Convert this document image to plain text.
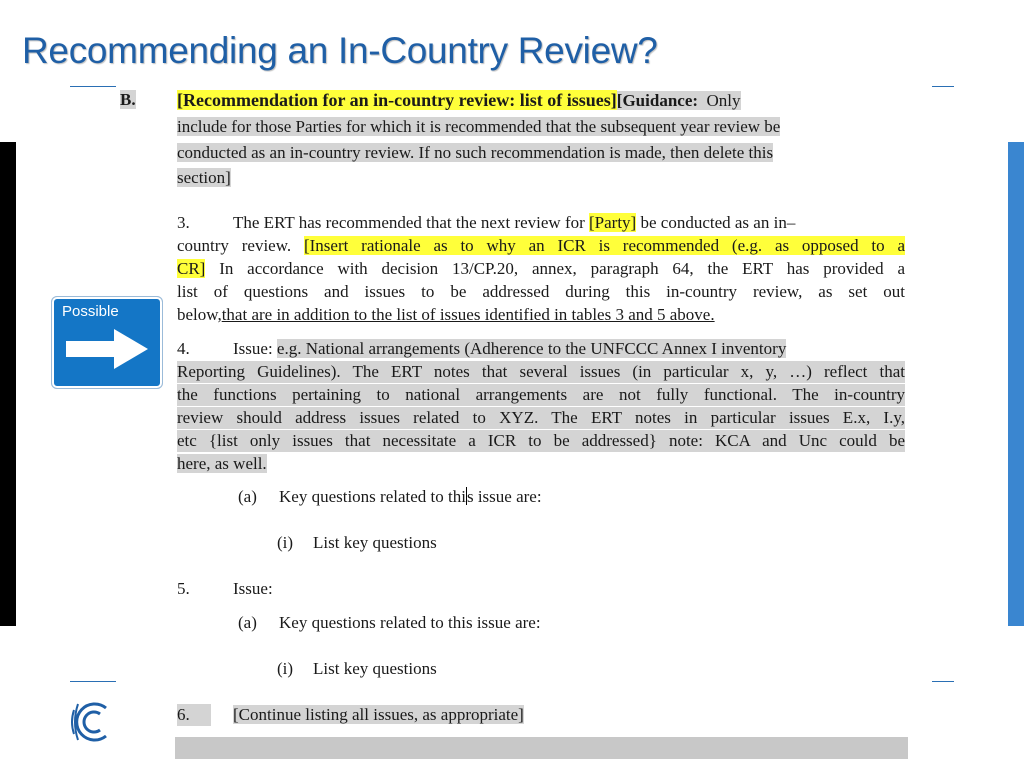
Recommending an In-Country Review?
Possible
B. [Recommendation for an in-country review: list of issues][Guidance: Only
include for those Parties for which it is recommended that the subsequent year review be
conducted as an in-country review. If no such recommendation is made, then delete this
section]
3.	The ERT has recommended that the next review for [Party] be conducted as an in–
country review. [Insert rationale as to why an ICR is recommended (e.g. as opposed to a
CR] In accordance with decision 13/CP.20, annex, paragraph 64, the ERT has provided a
list of questions and issues to be addressed during this in-country review, as set out
below,that are in addition to the list of issues identified in tables 3 and 5 above.
4.	Issue: e.g. National arrangements (Adherence to the UNFCCC Annex I inventory
Reporting Guidelines). The ERT notes that several issues (in particular x, y, …) reflect that
the functions pertaining to national arrangements are not fully functional. The in-country
review should address issues related to XYZ. The ERT notes in particular issues E.x, I.y,
etc {list only issues that necessitate a ICR to be addressed} note: KCA and Unc could be
here, as well.
(a) Key questions related to this issue are:
(i) List key questions
5.	Issue:
(a) Key questions related to this issue are:
(i) List key questions
6.	[Continue listing all issues, as appropriate]
